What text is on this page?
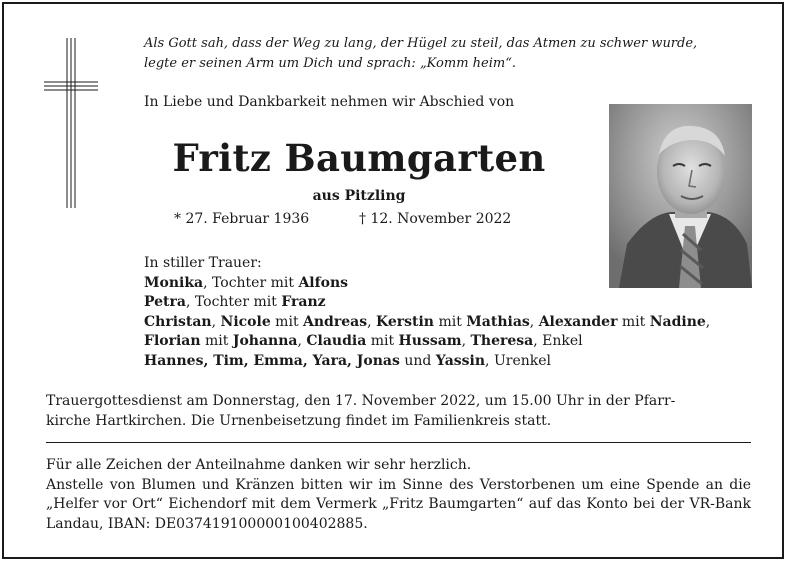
Als Gott sah, dass der Weg zu lang, der Hügel zu steil, das Atmen zu schwer wurde,
legte er seinen Arm um Dich und sprach: „Komm heim“.
In Liebe und Dankbarkeit nehmen wir Abschied von
Fritz Baumgarten
aus Pitzling
* 27. Februar 1936	† 12. November 2022
In stiller Trauer:
Monika, Tochter mit Alfons
Petra, Tochter mit Franz
Christan, Nicole mit Andreas, Kerstin mit Mathias, Alexander mit Nadine,
Florian mit Johanna, Claudia mit Hussam, Theresa, Enkel
Hannes, Tim, Emma, Yara, Jonas und Yassin, Urenkel
Trauergottesdienst am Donnerstag, den 17. November 2022, um 15.00 Uhr in der Pfarr-
kirche Hartkirchen. Die Urnenbeisetzung findet im Familienkreis statt.
Für alle Zeichen der Anteilnahme danken wir sehr herzlich.
Anstelle von Blumen und Kränzen bitten wir im Sinne des Verstorbenen um eine Spende an die „Helfer vor Ort“ Eichendorf mit dem Vermerk „Fritz Baumgarten“ auf das Konto bei der VR-Bank Landau, IBAN: DE03741910000010040288​5.
